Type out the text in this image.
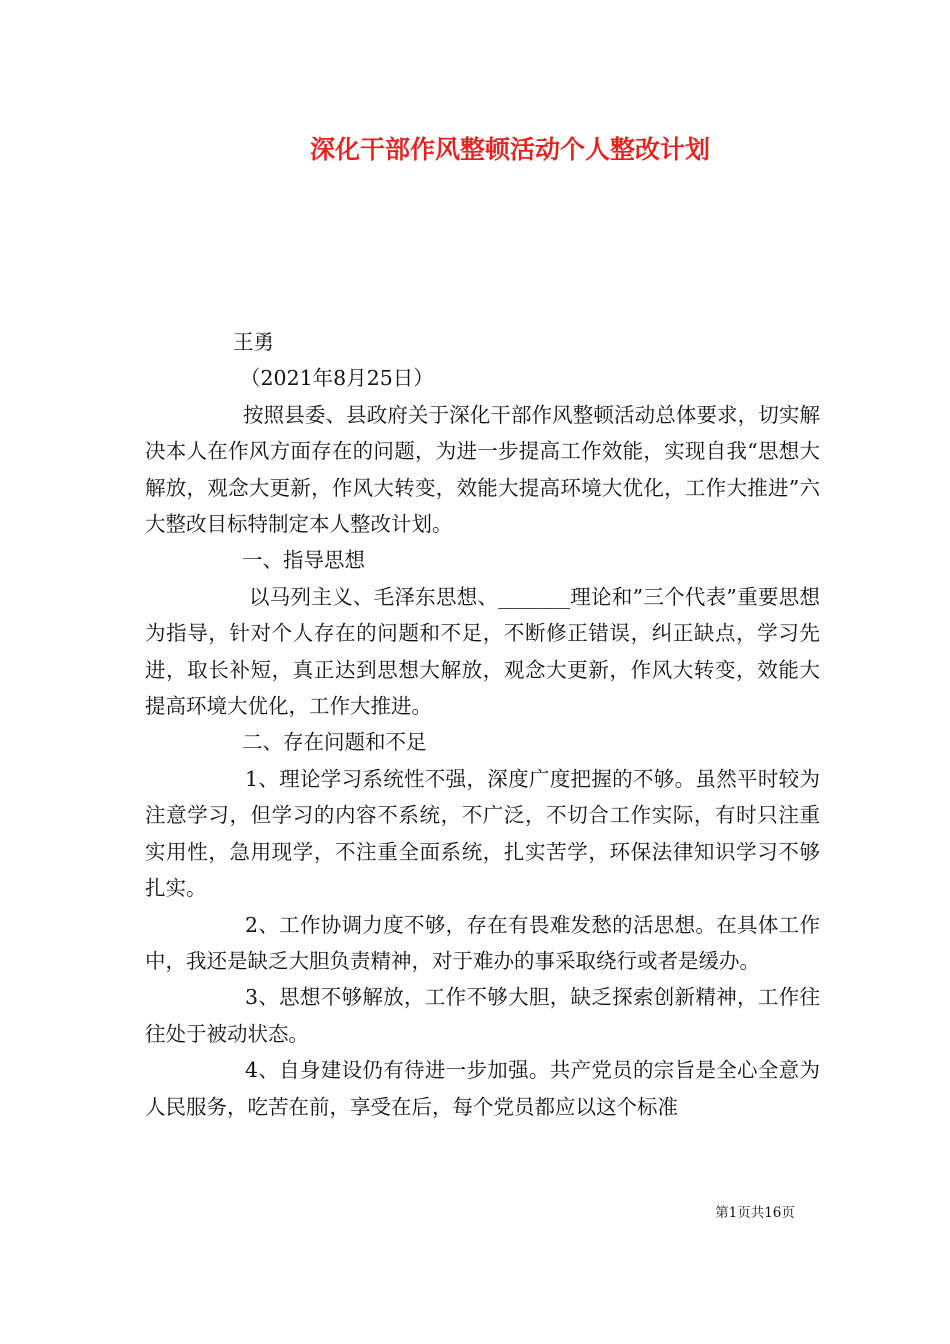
深化干部作风整顿活动个人整改计划

王勇

（2021年8月25日）

按照县委、县政府关于深化干部作风整顿活动总体要求，切实解决本人在作风方面存在的问题，为进一步提高工作效能，实现自我“思想大解放，观念大更新，作风大转变，效能大提高环境大优化，工作大推进”六大整改目标特制定本人整改计划。

一、指导思想

以马列主义、毛泽东思想、_______理论和”三个代表”重要思想为指导，针对个人存在的问题和不足，不断修正错误，纠正缺点，学习先进，取长补短，真正达到思想大解放，观念大更新，作风大转变，效能大提高环境大优化，工作大推进。

二、存在问题和不足

1、理论学习系统性不强，深度广度把握的不够。虽然平时较为注意学习，但学习的内容不系统，不广泛，不切合工作实际，有时只注重实用性，急用现学，不注重全面系统，扎实苦学，环保法律知识学习不够扎实。

2、工作协调力度不够，存在有畏难发愁的活思想。在具体工作中，我还是缺乏大胆负责精神，对于难办的事采取绕行或者是缓办。

3、思想不够解放，工作不够大胆，缺乏探索创新精神，工作往往处于被动状态。

4、自身建设仍有待进一步加强。共产党员的宗旨是全心全意为人民服务，吃苦在前，享受在后，每个党员都应以这个标准

第1页共16页
